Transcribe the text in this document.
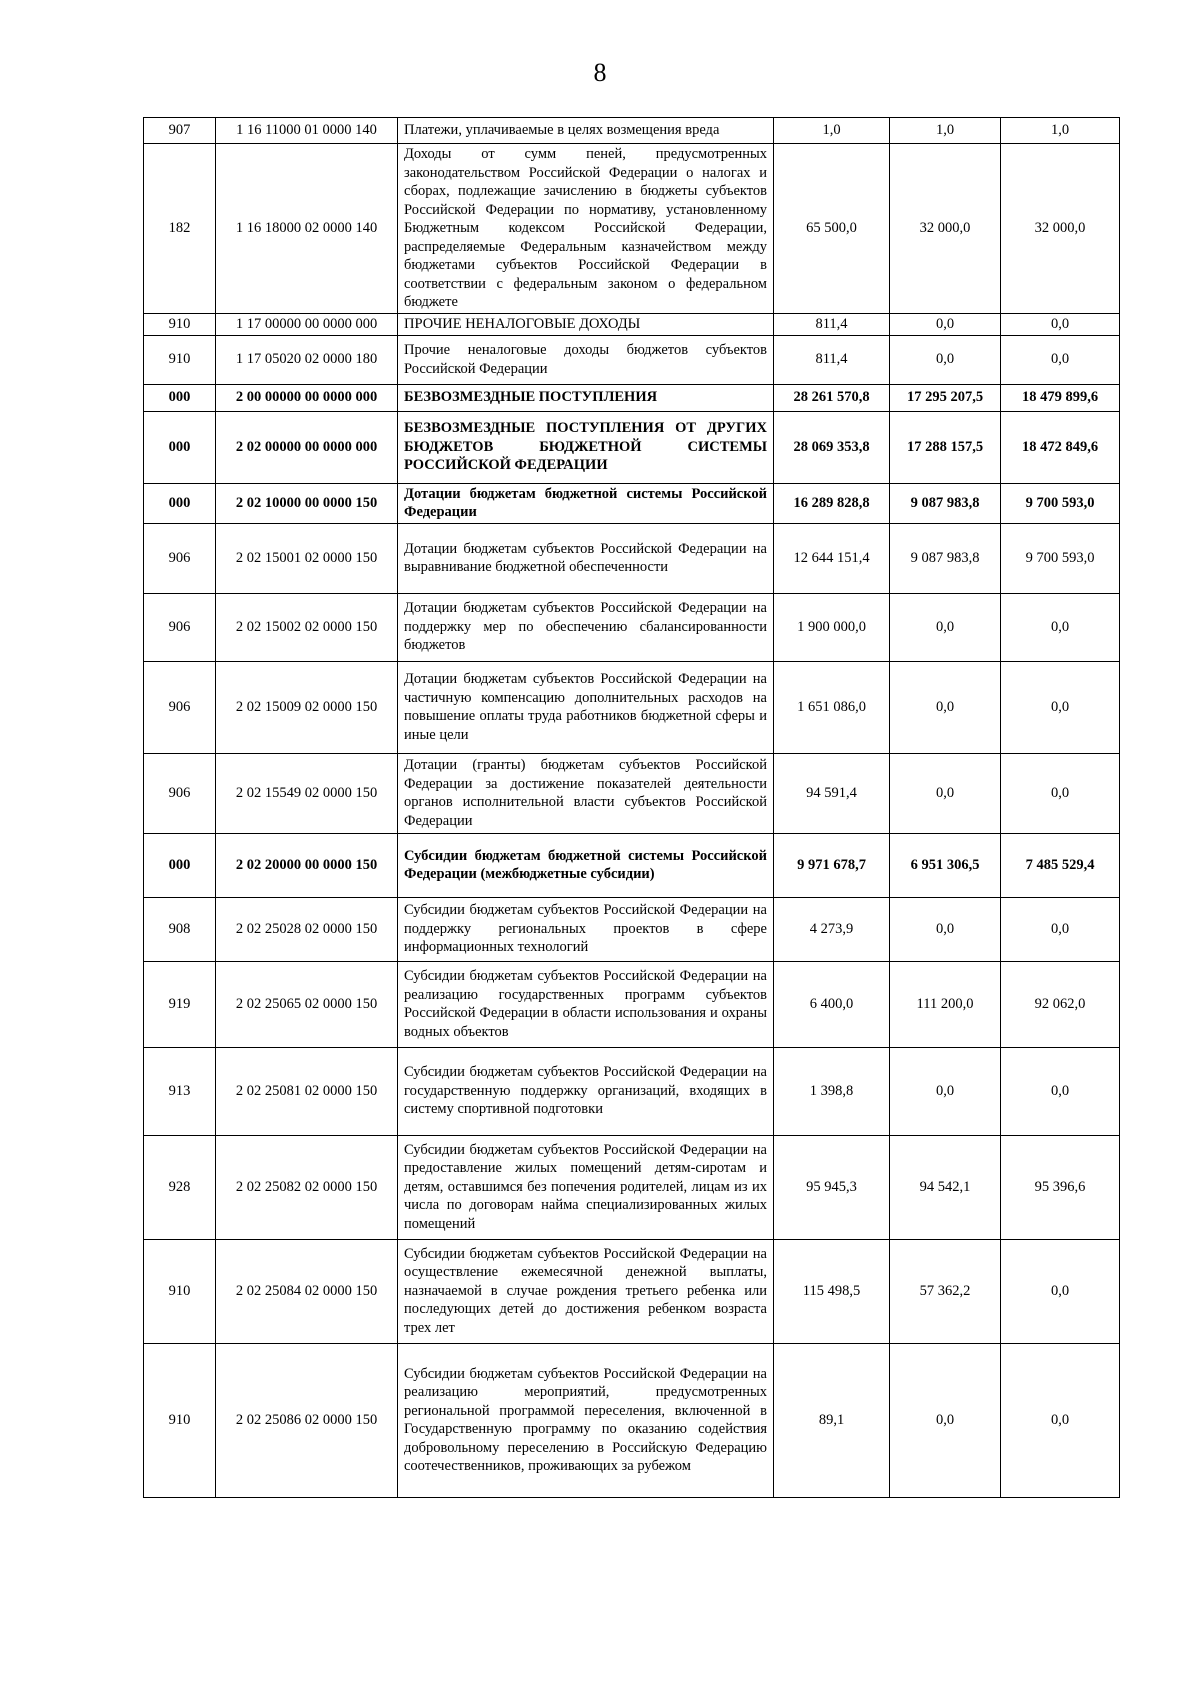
8
907	1 16 11000 01 0000 140	Платежи, уплачиваемые в целях возмещения вреда	1,0	1,0	1,0
182	1 16 18000 02 0000 140	Доходы от сумм пеней, предусмотренных законодательством Российской Федерации о налогах и сборах, подлежащие зачислению в бюджеты субъектов Российской Федерации по нормативу, установленному Бюджетным кодексом Российской Федерации, распределяемые Федеральным казначейством между бюджетами субъектов Российской Федерации в соответствии с федеральным законом о федеральном бюджете	65 500,0	32 000,0	32 000,0
910	1 17 00000 00 0000 000	ПРОЧИЕ НЕНАЛОГОВЫЕ ДОХОДЫ	811,4	0,0	0,0
910	1 17 05020 02 0000 180	Прочие неналоговые доходы бюджетов субъектов Российской Федерации	811,4	0,0	0,0
000	2 00 00000 00 0000 000	БЕЗВОЗМЕЗДНЫЕ ПОСТУПЛЕНИЯ	28 261 570,8	17 295 207,5	18 479 899,6
000	2 02 00000 00 0000 000	БЕЗВОЗМЕЗДНЫЕ ПОСТУПЛЕНИЯ ОТ ДРУГИХ БЮДЖЕТОВ БЮДЖЕТНОЙ СИСТЕМЫ РОССИЙСКОЙ ФЕДЕРАЦИИ	28 069 353,8	17 288 157,5	18 472 849,6
000	2 02 10000 00 0000 150	Дотации бюджетам бюджетной системы Российской Федерации	16 289 828,8	9 087 983,8	9 700 593,0
906	2 02 15001 02 0000 150	Дотации бюджетам субъектов Российской Федерации на выравнивание бюджетной обеспеченности	12 644 151,4	9 087 983,8	9 700 593,0
906	2 02 15002 02 0000 150	Дотации бюджетам субъектов Российской Федерации на поддержку мер по обеспечению сбалансированности бюджетов	1 900 000,0	0,0	0,0
906	2 02 15009 02 0000 150	Дотации бюджетам субъектов Российской Федерации на частичную компенсацию дополнительных расходов на повышение оплаты труда работников бюджетной сферы и иные цели	1 651 086,0	0,0	0,0
906	2 02 15549 02 0000 150	Дотации (гранты) бюджетам субъектов Российской Федерации за достижение показателей деятельности органов исполнительной власти субъектов Российской Федерации	94 591,4	0,0	0,0
000	2 02 20000 00 0000 150	Субсидии бюджетам бюджетной системы Российской Федерации (межбюджетные субсидии)	9 971 678,7	6 951 306,5	7 485 529,4
908	2 02 25028 02 0000 150	Субсидии бюджетам субъектов Российской Федерации на поддержку региональных проектов в сфере информационных технологий	4 273,9	0,0	0,0
919	2 02 25065 02 0000 150	Субсидии бюджетам субъектов Российской Федерации на реализацию государственных программ субъектов Российской Федерации в области использования и охраны водных объектов	6 400,0	111 200,0	92 062,0
913	2 02 25081 02 0000 150	Субсидии бюджетам субъектов Российской Федерации на государственную поддержку организаций, входящих в систему спортивной подготовки	1 398,8	0,0	0,0
928	2 02 25082 02 0000 150	Субсидии бюджетам субъектов Российской Федерации на предоставление жилых помещений детям-сиротам и детям, оставшимся без попечения родителей, лицам из их числа по договорам найма специализированных жилых помещений	95 945,3	94 542,1	95 396,6
910	2 02 25084 02 0000 150	Субсидии бюджетам субъектов Российской Федерации на осуществление ежемесячной денежной выплаты, назначаемой в случае рождения третьего ребенка или последующих детей до достижения ребенком возраста трех лет	115 498,5	57 362,2	0,0
910	2 02 25086 02 0000 150	Субсидии бюджетам субъектов Российской Федерации на реализацию мероприятий, предусмотренных региональной программой переселения, включенной в Государственную программу по оказанию содействия добровольному переселению в Российскую Федерацию соотечественников, проживающих за рубежом	89,1	0,0	0,0
